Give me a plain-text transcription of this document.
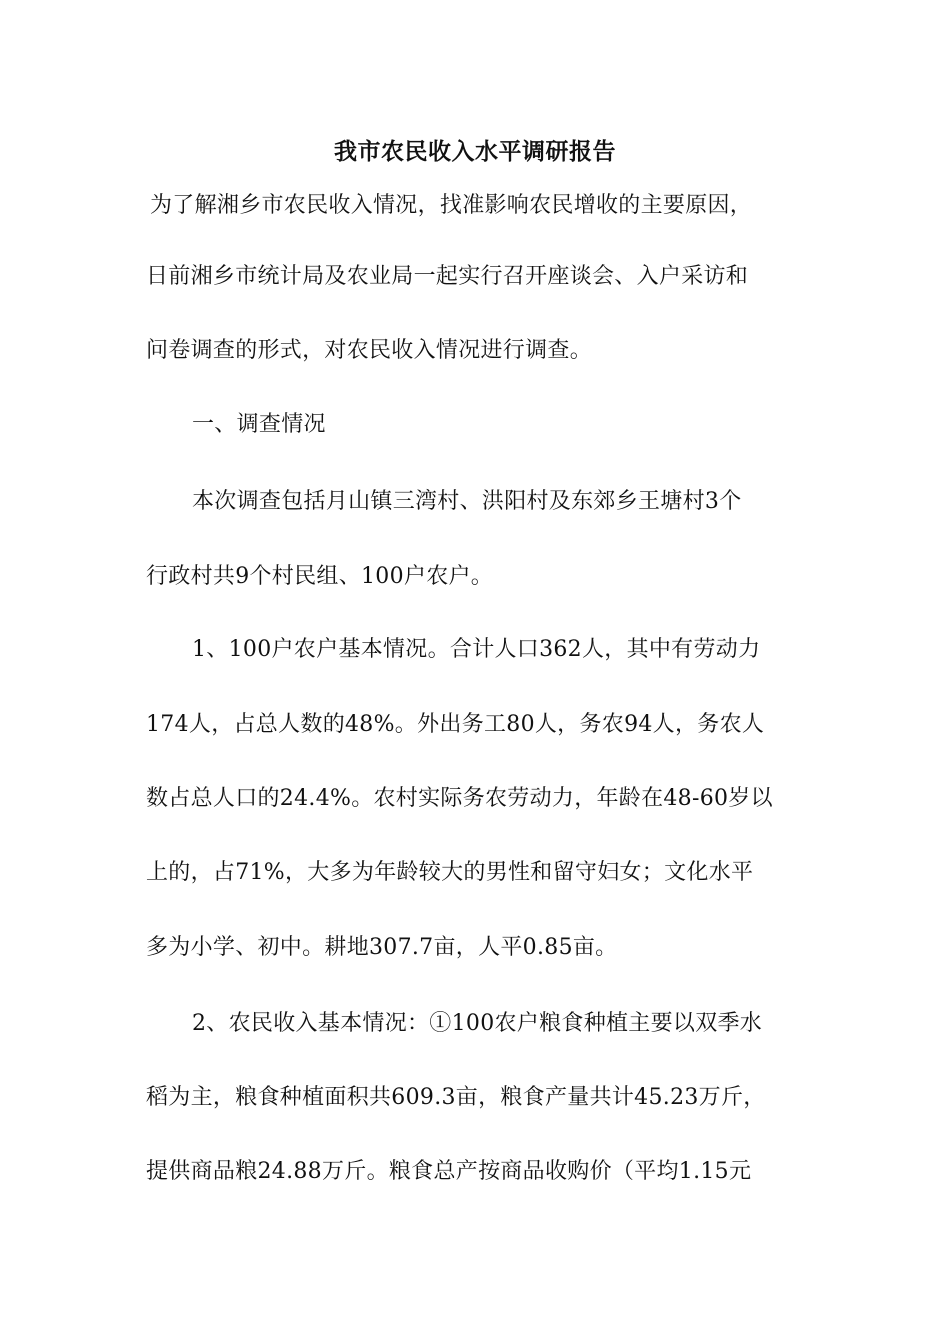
我市农民收入水平调研报告
为了解湘乡市农民收入情况，找准影响农民增收的主要原因，
日前湘乡市统计局及农业局一起实行召开座谈会、入户采访和
问卷调查的形式，对农民收入情况进行调查。
一、调查情况
本次调查包括月山镇三湾村、洪阳村及东郊乡王塘村3个
行政村共9个村民组、100户农户。
1、100户农户基本情况。合计人口362人，其中有劳动力
174人，占总人数的48%。外出务工80人，务农94人，务农人
数占总人口的24.4%。农村实际务农劳动力，年龄在48-60岁以
上的，占71%，大多为年龄较大的男性和留守妇女；文化水平
多为小学、初中。耕地307.7亩，人平0.85亩。
2、农民收入基本情况：①100农户粮食种植主要以双季水
稻为主，粮食种植面积共609.3亩，粮食产量共计45.23万斤，
提供商品粮24.88万斤。粮食总产按商品收购价（平均1.15元
